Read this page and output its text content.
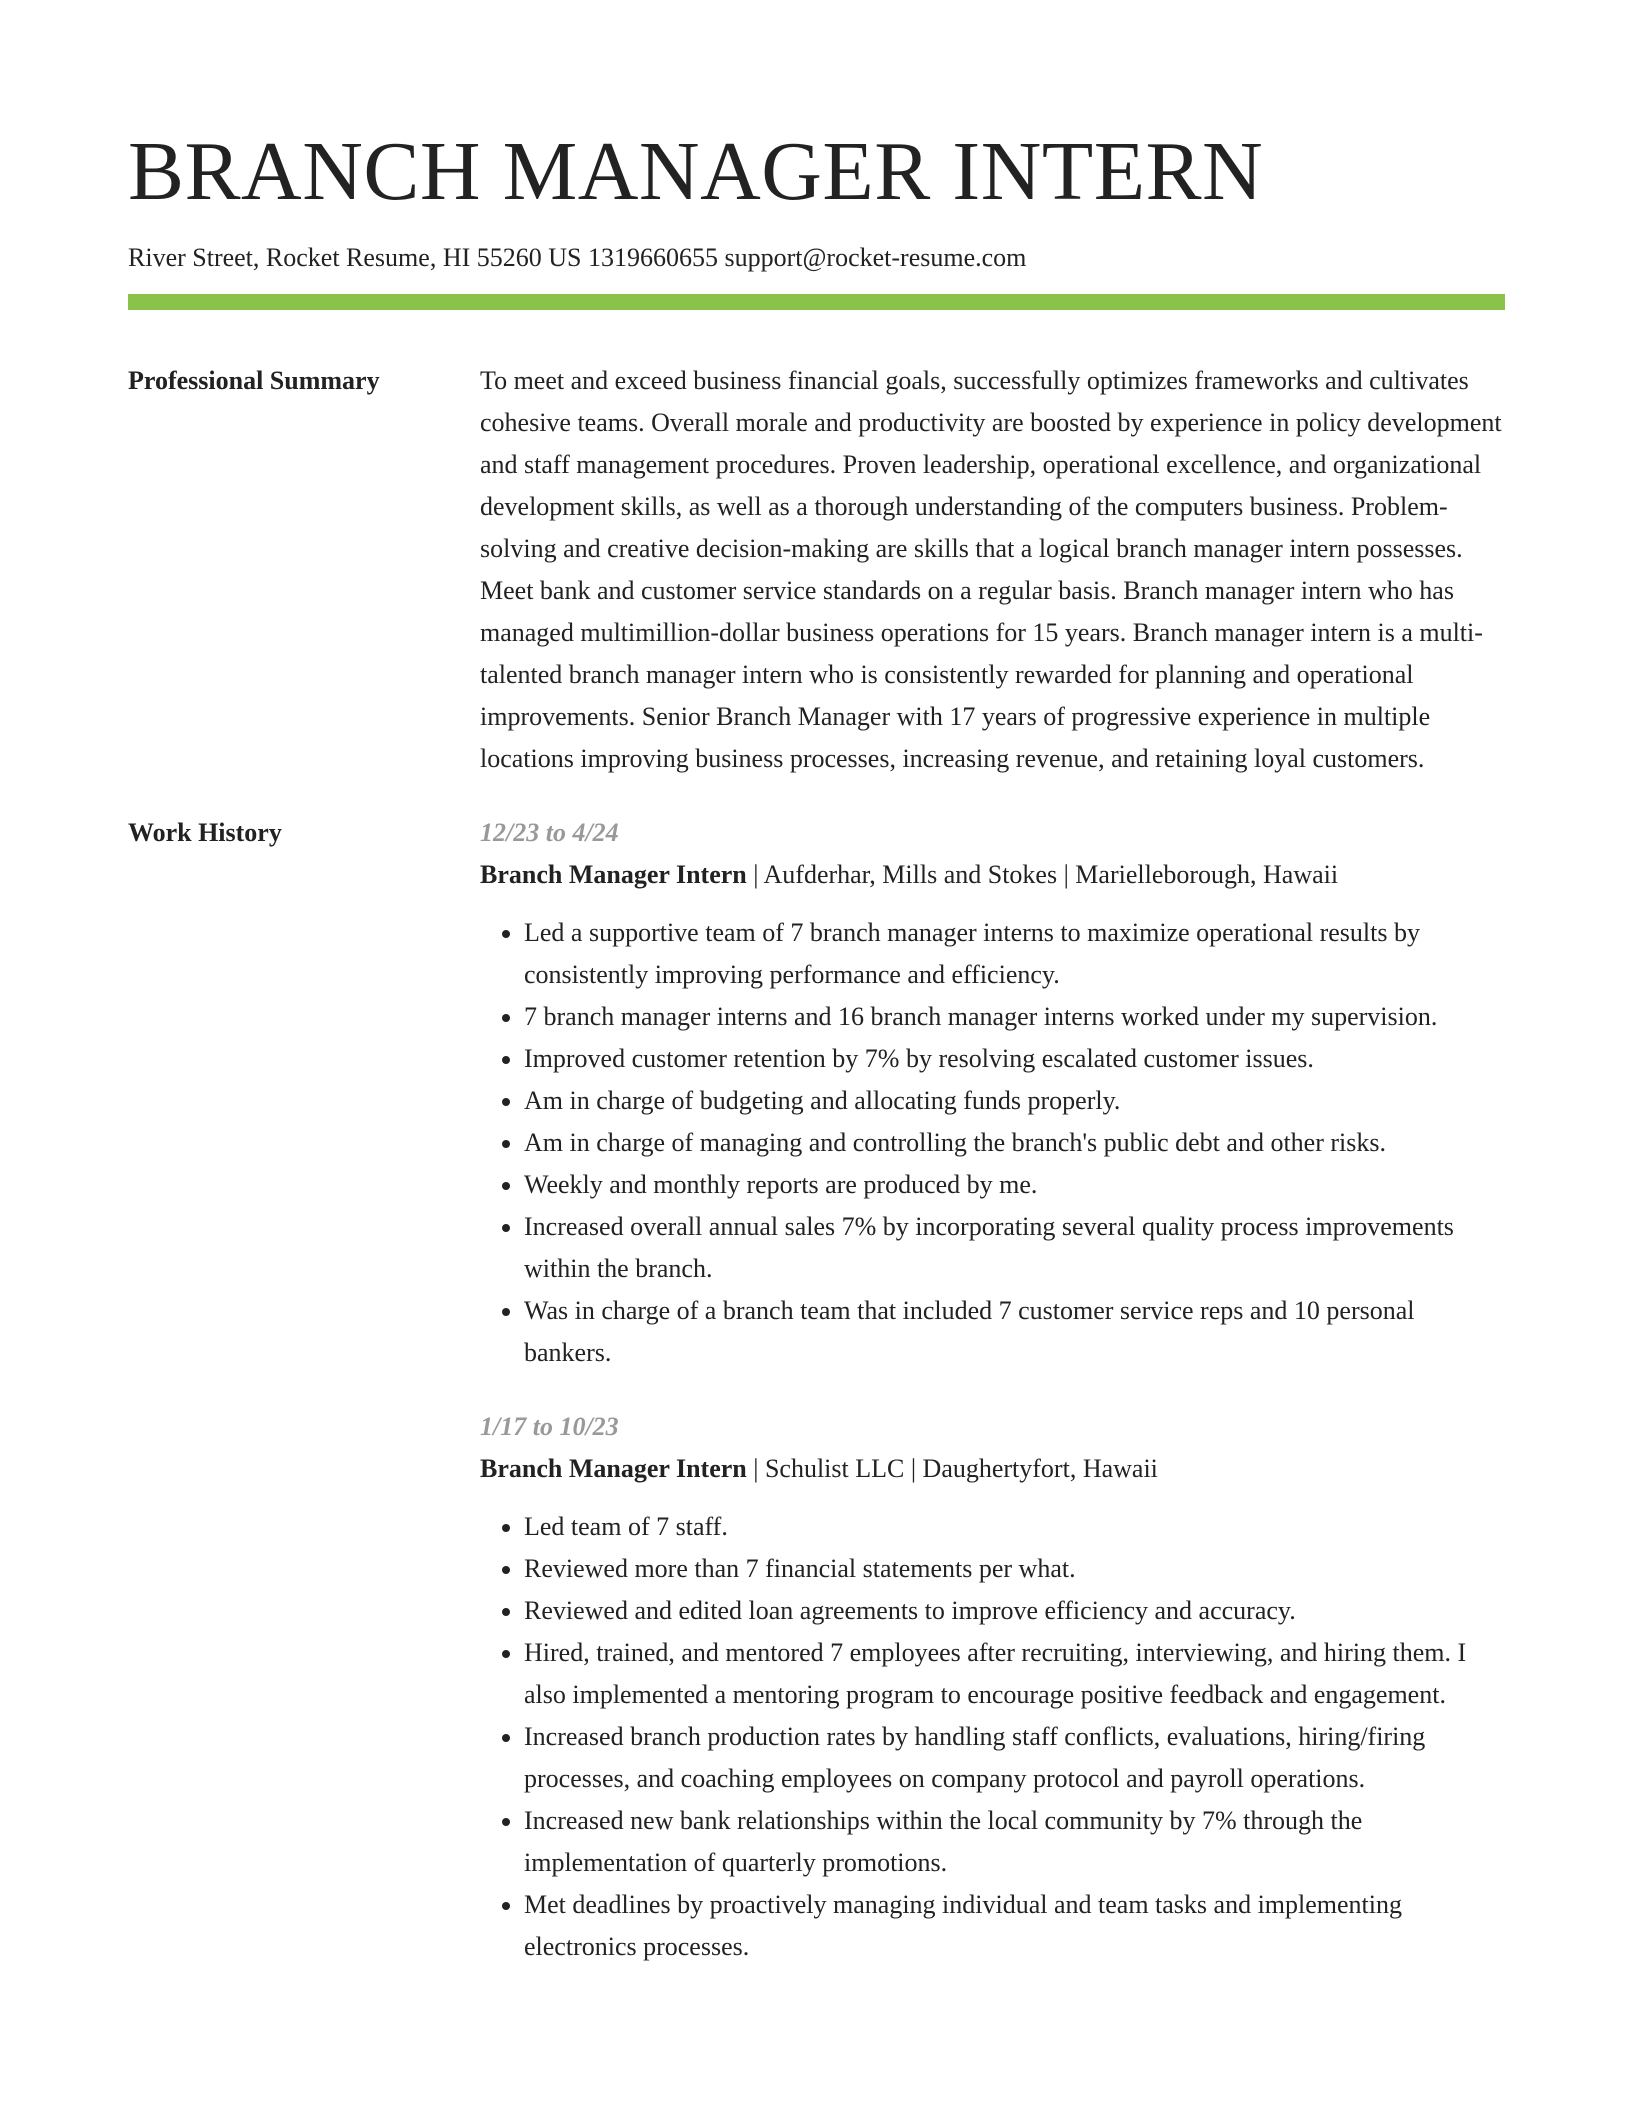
BRANCH MANAGER INTERN
River Street, Rocket Resume, HI 55260 US 1319660655 support@rocket-resume.com
Professional Summary	To meet and exceed business financial goals, successfully optimizes frameworks and cultivates cohesive teams. Overall morale and productivity are boosted by experience in policy development and staff management procedures. Proven leadership, operational excellence, and organizational development skills, as well as a thorough understanding of the computers business. Problem-solving and creative decision-making are skills that a logical branch manager intern possesses. Meet bank and customer service standards on a regular basis. Branch manager intern who has managed multimillion-dollar business operations for 15 years. Branch manager intern is a multi-talented branch manager intern who is consistently rewarded for planning and operational improvements. Senior Branch Manager with 17 years of progressive experience in multiple locations improving business processes, increasing revenue, and retaining loyal customers.

Work History	12/23 to 4/24
Branch Manager Intern | Aufderhar, Mills and Stokes | Marielleborough, Hawaii
• Led a supportive team of 7 branch manager interns to maximize operational results by consistently improving performance and efficiency.
• 7 branch manager interns and 16 branch manager interns worked under my supervision.
• Improved customer retention by 7% by resolving escalated customer issues.
• Am in charge of budgeting and allocating funds properly.
• Am in charge of managing and controlling the branch's public debt and other risks.
• Weekly and monthly reports are produced by me.
• Increased overall annual sales 7% by incorporating several quality process improvements within the branch.
• Was in charge of a branch team that included 7 customer service reps and 10 personal bankers.
1/17 to 10/23
Branch Manager Intern | Schulist LLC | Daughertyfort, Hawaii
• Led team of 7 staff.
• Reviewed more than 7 financial statements per what.
• Reviewed and edited loan agreements to improve efficiency and accuracy.
• Hired, trained, and mentored 7 employees after recruiting, interviewing, and hiring them. I also implemented a mentoring program to encourage positive feedback and engagement.
• Increased branch production rates by handling staff conflicts, evaluations, hiring/firing processes, and coaching employees on company protocol and payroll operations.
• Increased new bank relationships within the local community by 7% through the implementation of quarterly promotions.
• Met deadlines by proactively managing individual and team tasks and implementing electronics processes.
